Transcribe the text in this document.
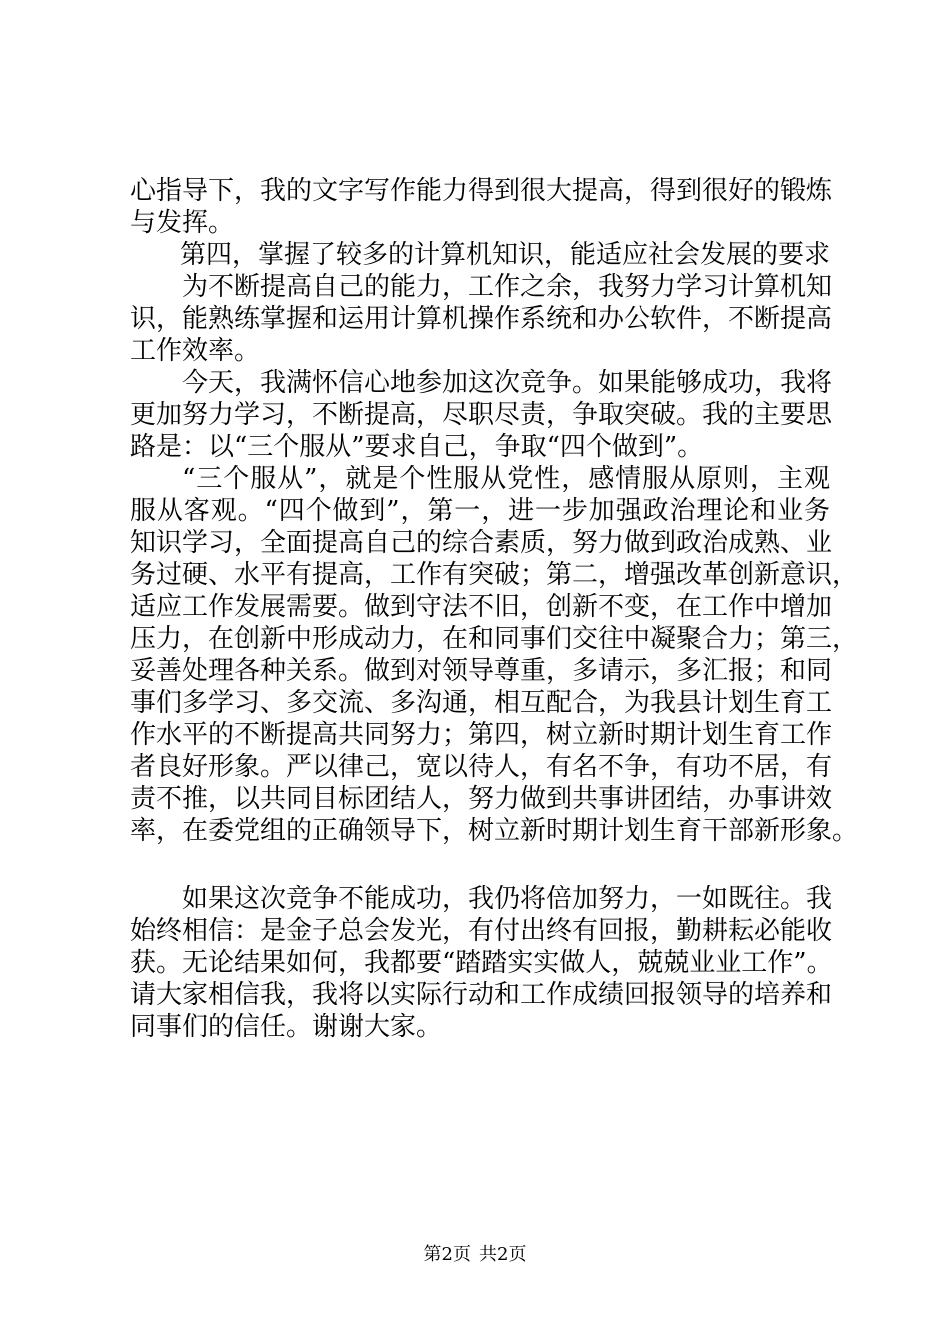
心指导下，我的文字写作能力得到很大提高，得到很好的锻炼
与发挥。
第四，掌握了较多的计算机知识，能适应社会发展的要求
为不断提高自己的能力，工作之余，我努力学习计算机知
识，能熟练掌握和运用计算机操作系统和办公软件，不断提高
工作效率。
今天，我满怀信心地参加这次竞争。如果能够成功，我将
更加努力学习，不断提高，尽职尽责，争取突破。我的主要思
路是：以“三个服从”要求自己，争取“四个做到”。
“三个服从”，就是个性服从党性，感情服从原则，主观
服从客观。“四个做到”，第一，进一步加强政治理论和业务
知识学习，全面提高自己的综合素质，努力做到政治成熟、业
务过硬、水平有提高，工作有突破；第二，增强改革创新意识，
适应工作发展需要。做到守法不旧，创新不变，在工作中增加
压力，在创新中形成动力，在和同事们交往中凝聚合力；第三，
妥善处理各种关系。做到对领导尊重，多请示，多汇报；和同
事们多学习、多交流、多沟通，相互配合，为我县计划生育工
作水平的不断提高共同努力；第四，树立新时期计划生育工作
者良好形象。严以律己，宽以待人，有名不争，有功不居，有
责不推，以共同目标团结人，努力做到共事讲团结，办事讲效
率，在委党组的正确领导下，树立新时期计划生育干部新形象。
如果这次竞争不能成功，我仍将倍加努力，一如既往。我
始终相信：是金子总会发光，有付出终有回报，勤耕耘必能收
获。无论结果如何，我都要“踏踏实实做人，兢兢业业工作”。
请大家相信我，我将以实际行动和工作成绩回报领导的培养和
同事们的信任。谢谢大家。
第2页 共2页
